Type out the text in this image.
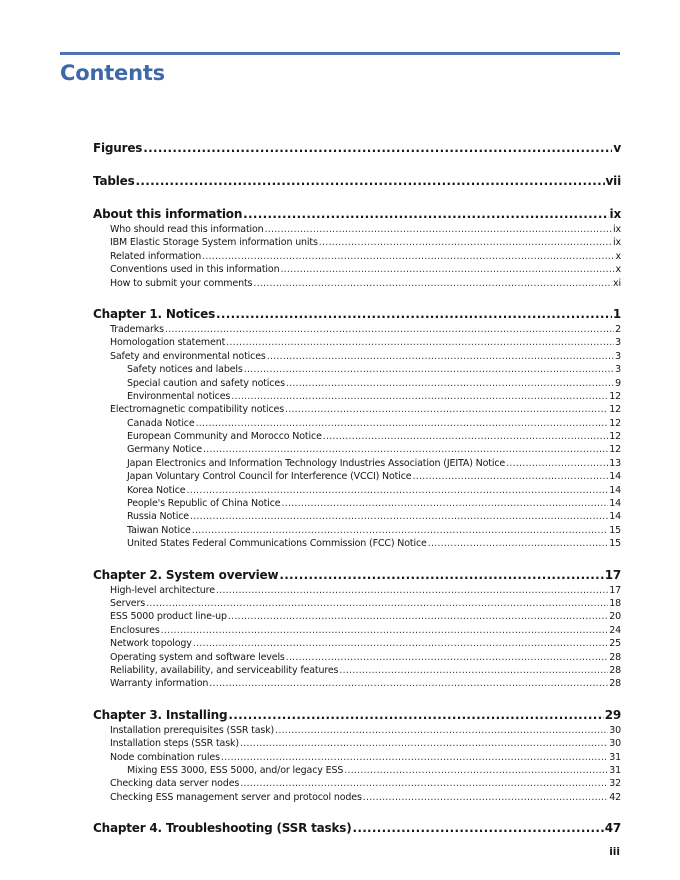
Contents
Figures .....	v
Tables .....	vii
About this information .....	ix
Who should read this information .....	ix
IBM Elastic Storage System information units .....	ix
Related information .....	x
Conventions used in this information .....	x
How to submit your comments .....	xi
Chapter 1. Notices .....	1
Trademarks .....	2
Homologation statement .....	3
Safety and environmental notices .....	3
Safety notices and labels .....	3
Special caution and safety notices .....	9
Environmental notices .....	12
Electromagnetic compatibility notices .....	12
Canada Notice .....	12
European Community and Morocco Notice .....	12
Germany Notice .....	12
Japan Electronics and Information Technology Industries Association (JEITA) Notice .....	13
Japan Voluntary Control Council for Interference (VCCI) Notice .....	14
Korea Notice .....	14
People's Republic of China Notice .....	14
Russia Notice .....	14
Taiwan Notice .....	15
United States Federal Communications Commission (FCC) Notice .....	15
Chapter 2. System overview .....	17
High-level architecture .....	17
Servers .....	18
ESS 5000 product line-up .....	20
Enclosures .....	24
Network topology .....	25
Operating system and software levels .....	28
Reliability, availability, and serviceability features .....	28
Warranty information .....	28
Chapter 3. Installing .....	29
Installation prerequisites (SSR task) .....	30
Installation steps (SSR task) .....	30
Node combination rules .....	31
Mixing ESS 3000, ESS 5000, and/or legacy ESS .....	31
Checking data server nodes .....	32
Checking ESS management server and protocol nodes .....	42
Chapter 4. Troubleshooting (SSR tasks) .....	47
iii
